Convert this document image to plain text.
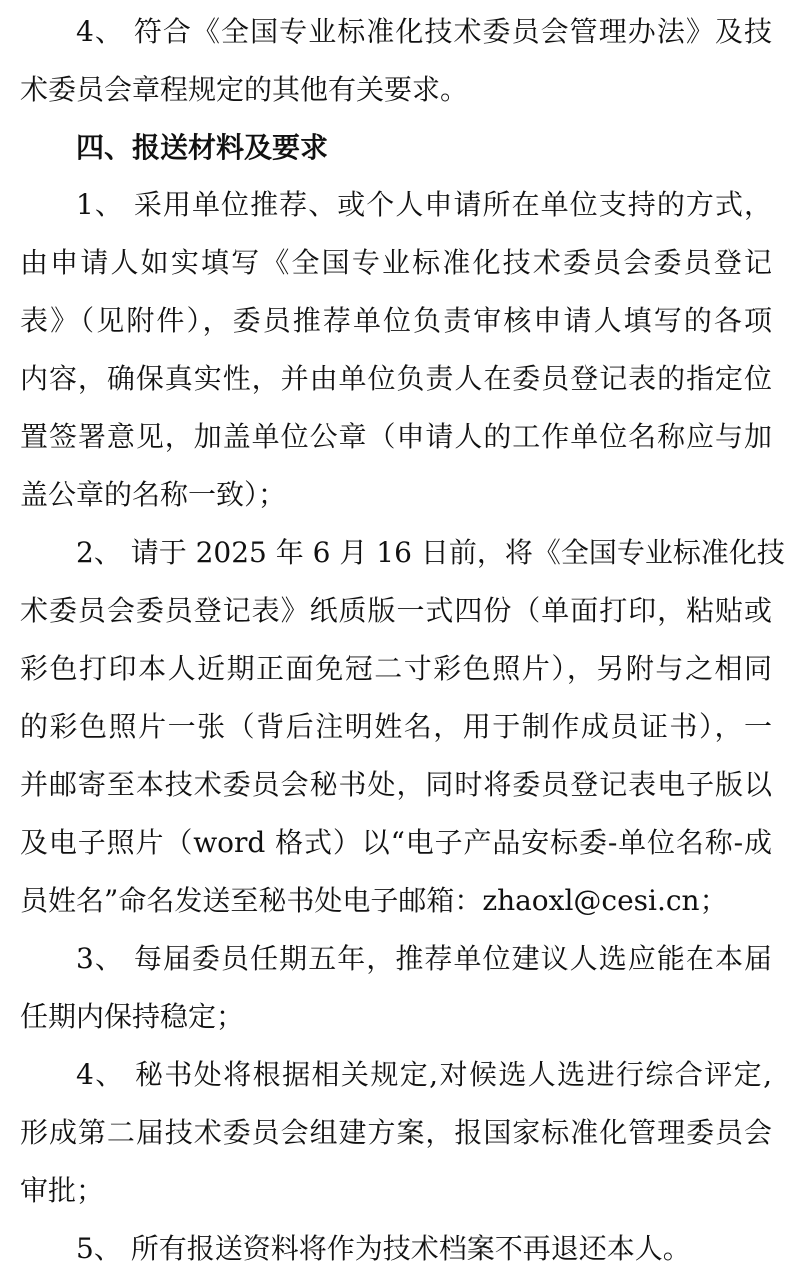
4、 符合《全国专业标准化技术委员会管理办法》及技
术委员会章程规定的其他有关要求。
四、报送材料及要求
1、 采用单位推荐、或个人申请所在单位支持的方式，
由申请人如实填写《全国专业标准化技术委员会委员登记
表》（见附件），委员推荐单位负责审核申请人填写的各项
内容，确保真实性，并由单位负责人在委员登记表的指定位
置签署意见，加盖单位公章（申请人的工作单位名称应与加
盖公章的名称一致）；
2、 请于 2025 年 6 月 16 日前，将《全国专业标准化技
术委员会委员登记表》纸质版一式四份（单面打印，粘贴或
彩色打印本人近期正面免冠二寸彩色照片），另附与之相同
的彩色照片一张（背后注明姓名，用于制作成员证书），一
并邮寄至本技术委员会秘书处，同时将委员登记表电子版以
及电子照片（word 格式）以“电子产品安标委-单位名称-成
员姓名”命名发送至秘书处电子邮箱：zhaoxl@cesi.cn；
3、 每届委员任期五年，推荐单位建议人选应能在本届
任期内保持稳定；
4、 秘书处将根据相关规定,对候选人选进行综合评定,
形成第二届技术委员会组建方案，报国家标准化管理委员会
审批；
5、 所有报送资料将作为技术档案不再退还本人。
